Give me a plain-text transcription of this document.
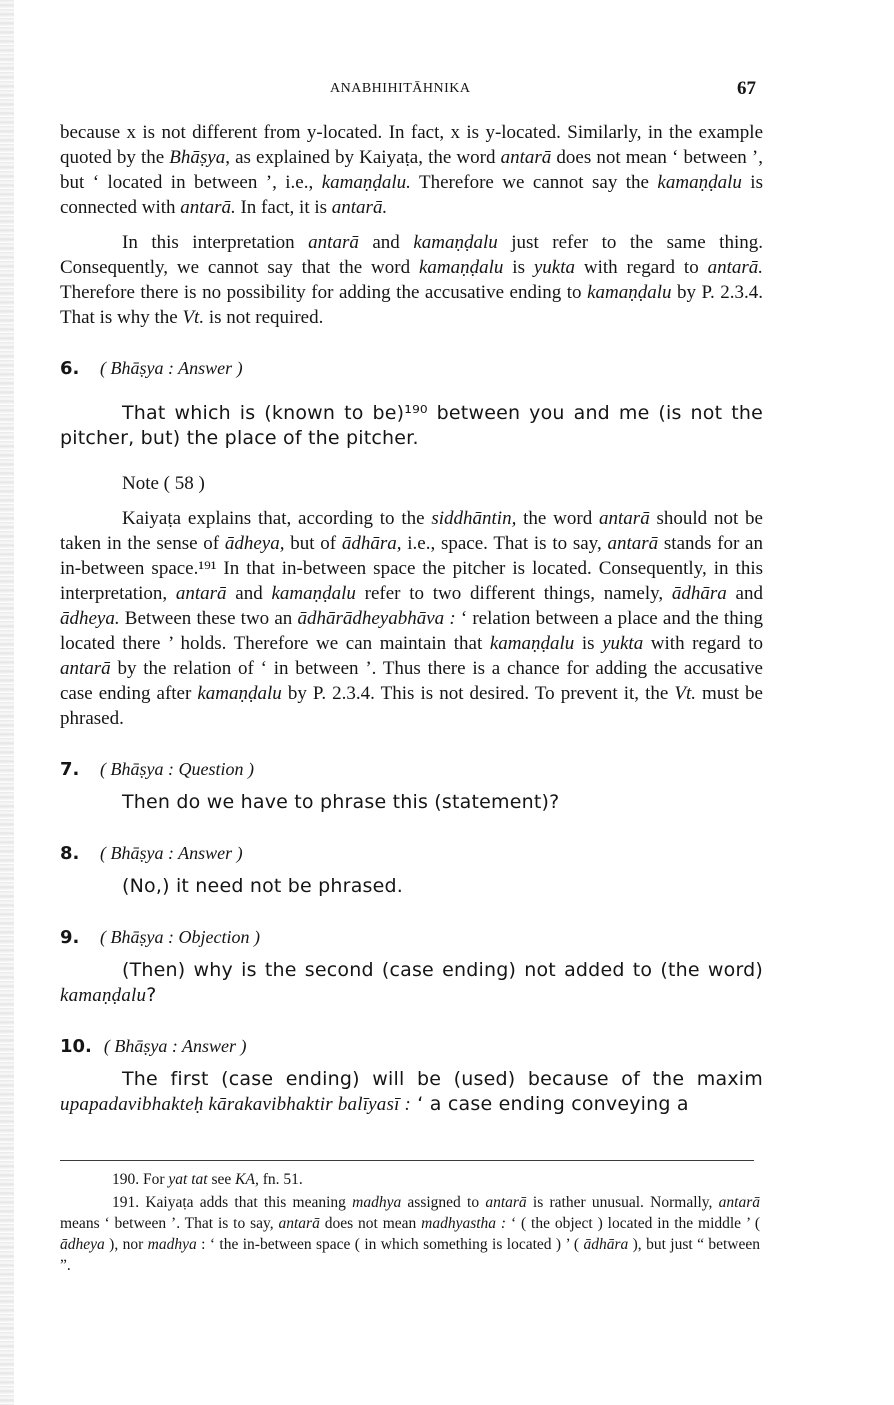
ANABHIHITĀHNIKA	67

because x is not different from y-located. In fact, x is y-located. Similarly, in the example quoted by the Bhāṣya, as explained by Kaiyaṭa, the word antarā does not mean ‘ between ’, but ‘ located in between ’, i.e., kamaṇḍalu. Therefore we cannot say the kamaṇḍalu is connected with antarā. In fact, it is antarā.

In this interpretation antarā and kamaṇḍalu just refer to the same thing. Consequently, we cannot say that the word kamaṇḍalu is yukta with regard to antarā. Therefore there is no possibility for adding the accusative ending to kamaṇḍalu by P. 2.3.4. That is why the Vt. is not required.

6.	( Bhāṣya : Answer )

That which is (known to be)¹⁹⁰ between you and me (is not the pitcher, but) the place of the pitcher.

Note ( 58 )

Kaiyaṭa explains that, according to the siddhāntin, the word antarā should not be taken in the sense of ādheya, but of ādhāra, i.e., space. That is to say, antarā stands for an in-between space.¹⁹¹ In that in-between space the pitcher is located. Consequently, in this interpretation, antarā and kamaṇḍalu refer to two different things, namely, ādhāra and ādheya. Between these two an ādhārādheyabhāva : ‘ relation between a place and the thing located there ’ holds. Therefore we can maintain that kamaṇḍalu is yukta with regard to antarā by the relation of ‘ in between ’. Thus there is a chance for adding the accusative case ending after kamaṇḍalu by P. 2.3.4. This is not desired. To prevent it, the Vt. must be phrased.

7.	( Bhāṣya : Question )

Then do we have to phrase this (statement)?

8.	( Bhāṣya : Answer )

(No,) it need not be phrased.

9.	( Bhāṣya : Objection )

(Then) why is the second (case ending) not added to (the word) kamaṇḍalu?

10. ( Bhāṣya : Answer )

The first (case ending) will be (used) because of the maxim upapadavibhakteḥ kārakavibhaktir balīyasī : ‘ a case ending conveying a

190. For yat tat see KA, fn. 51.

191. Kaiyaṭa adds that this meaning madhya assigned to antarā is rather unusual. Normally, antarā means ‘ between ’. That is to say, antarā does not mean madhyastha : ‘ ( the object ) located in the middle ’ ( ādheya ), nor madhya : ‘ the in-between space ( in which something is located ) ’ ( ādhāra ), but just “ between ”.
